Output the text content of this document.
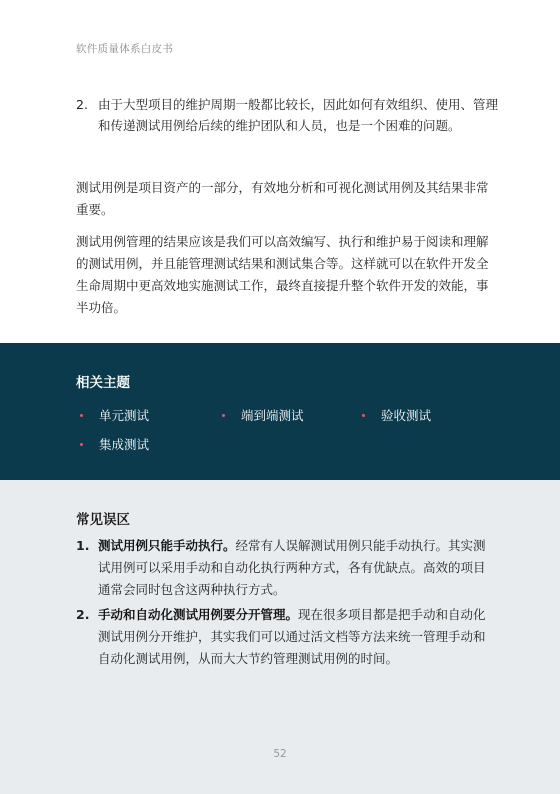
软件质量体系白皮书
2. 由于大型项目的维护周期一般都比较长，因此如何有效组织、使用、管理和传递测试用例给后续的维护团队和人员，也是一个困难的问题。

测试用例是项目资产的一部分，有效地分析和可视化测试用例及其结果非常重要。

测试用例管理的结果应该是我们可以高效编写、执行和维护易于阅读和理解的测试用例，并且能管理测试结果和测试集合等。这样就可以在软件开发全生命周期中更高效地实施测试工作，最终直接提升整个软件开发的效能，事半功倍。

相关主题
单元测试	端到端测试	验收测试
集成测试
常见误区
1. 测试用例只能手动执行。经常有人误解测试用例只能手动执行。其实测试用例可以采用手动和自动化执行两种方式，各有优缺点。高效的项目通常会同时包含这两种执行方式。
2. 手动和自动化测试用例要分开管理。现在很多项目都是把手动和自动化测试用例分开维护，其实我们可以通过活文档等方法来统一管理手动和自动化测试用例，从而大大节约管理测试用例的时间。
52
